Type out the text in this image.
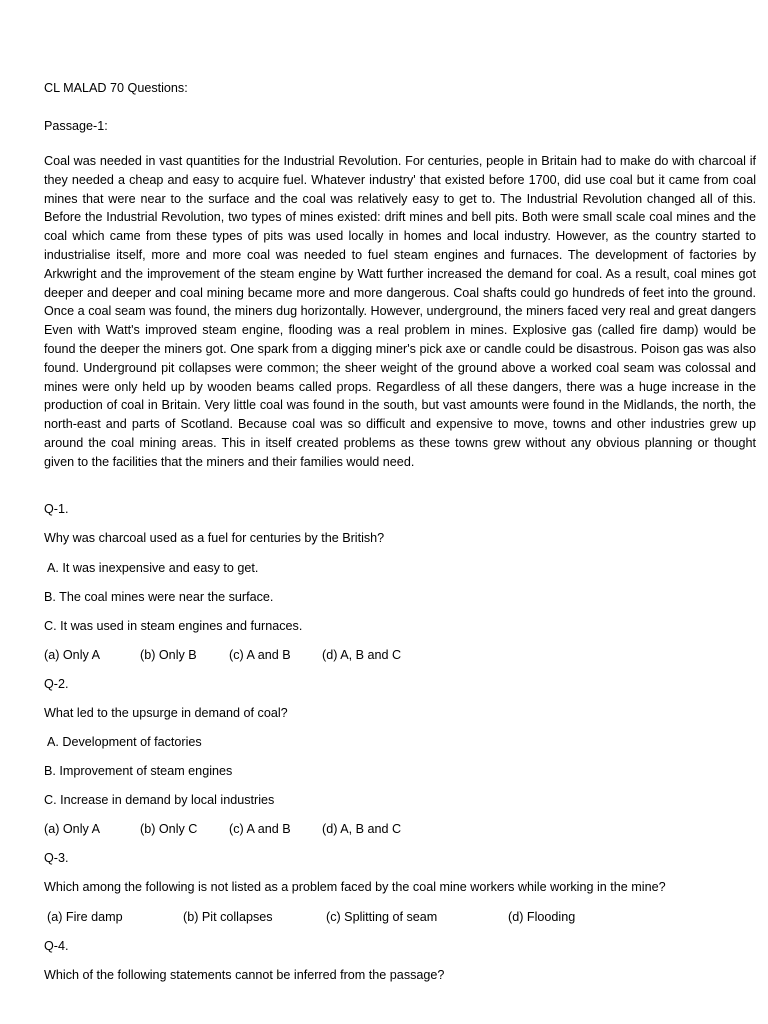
CL MALAD 70 Questions:
Passage-1:
Coal was needed in vast quantities for the Industrial Revolution. For centuries, people in Britain had to make do with charcoal if they needed a cheap and easy to acquire fuel. Whatever industry' that existed before 1700, did use coal but it came from coal mines that were near to the surface and the coal was relatively easy to get to. The Industrial Revolution changed all of this. Before the Industrial Revolution, two types of mines existed: drift mines and bell pits. Both were small scale coal mines and the coal which came from these types of pits was used locally in homes and local industry. However, as the country started to industrialise itself, more and more coal was needed to fuel steam engines and furnaces. The development of factories by Arkwright and the improvement of the steam engine by Watt further increased the demand for coal. As a result, coal mines got deeper and deeper and coal mining became more and more dangerous. Coal shafts could go hundreds of feet into the ground. Once a coal seam was found, the miners dug horizontally. However, underground, the miners faced very real and great dangers Even with Watt's improved steam engine, flooding was a real problem in mines. Explosive gas (called fire damp) would be found the deeper the miners got. One spark from a digging miner's pick axe or candle could be disastrous. Poison gas was also found. Underground pit collapses were common; the sheer weight of the ground above a worked coal seam was colossal and mines were only held up by wooden beams called props. Regardless of all these dangers, there was a huge increase in the production of coal in Britain. Very little coal was found in the south, but vast amounts were found in the Midlands, the north, the north-east and parts of Scotland. Because coal was so difficult and expensive to move, towns and other industries grew up around the coal mining areas. This in itself created problems as these towns grew without any obvious planning or thought given to the facilities that the miners and their families would need.
Q-1.
Why was charcoal used as a fuel for centuries by the British?
A. It was inexpensive and easy to get.
B. The coal mines were near the surface.
C. It was used in steam engines and furnaces.
(a) Only A	(b) Only B	(c) A and B (d) A, B and C
Q-2.
What led to the upsurge in demand of coal?
A. Development of factories
B. Improvement of steam engines
C. Increase in demand by local industries
(a) Only A	(b) Only C	(c) A and B (d) A, B and C
Q-3.
Which among the following is not listed as a problem faced by the coal mine workers while working in the mine?
(a) Fire damp	(b) Pit collapses	(c) Splitting of seam	(d) Flooding
Q-4.
Which of the following statements cannot be inferred from the passage?
